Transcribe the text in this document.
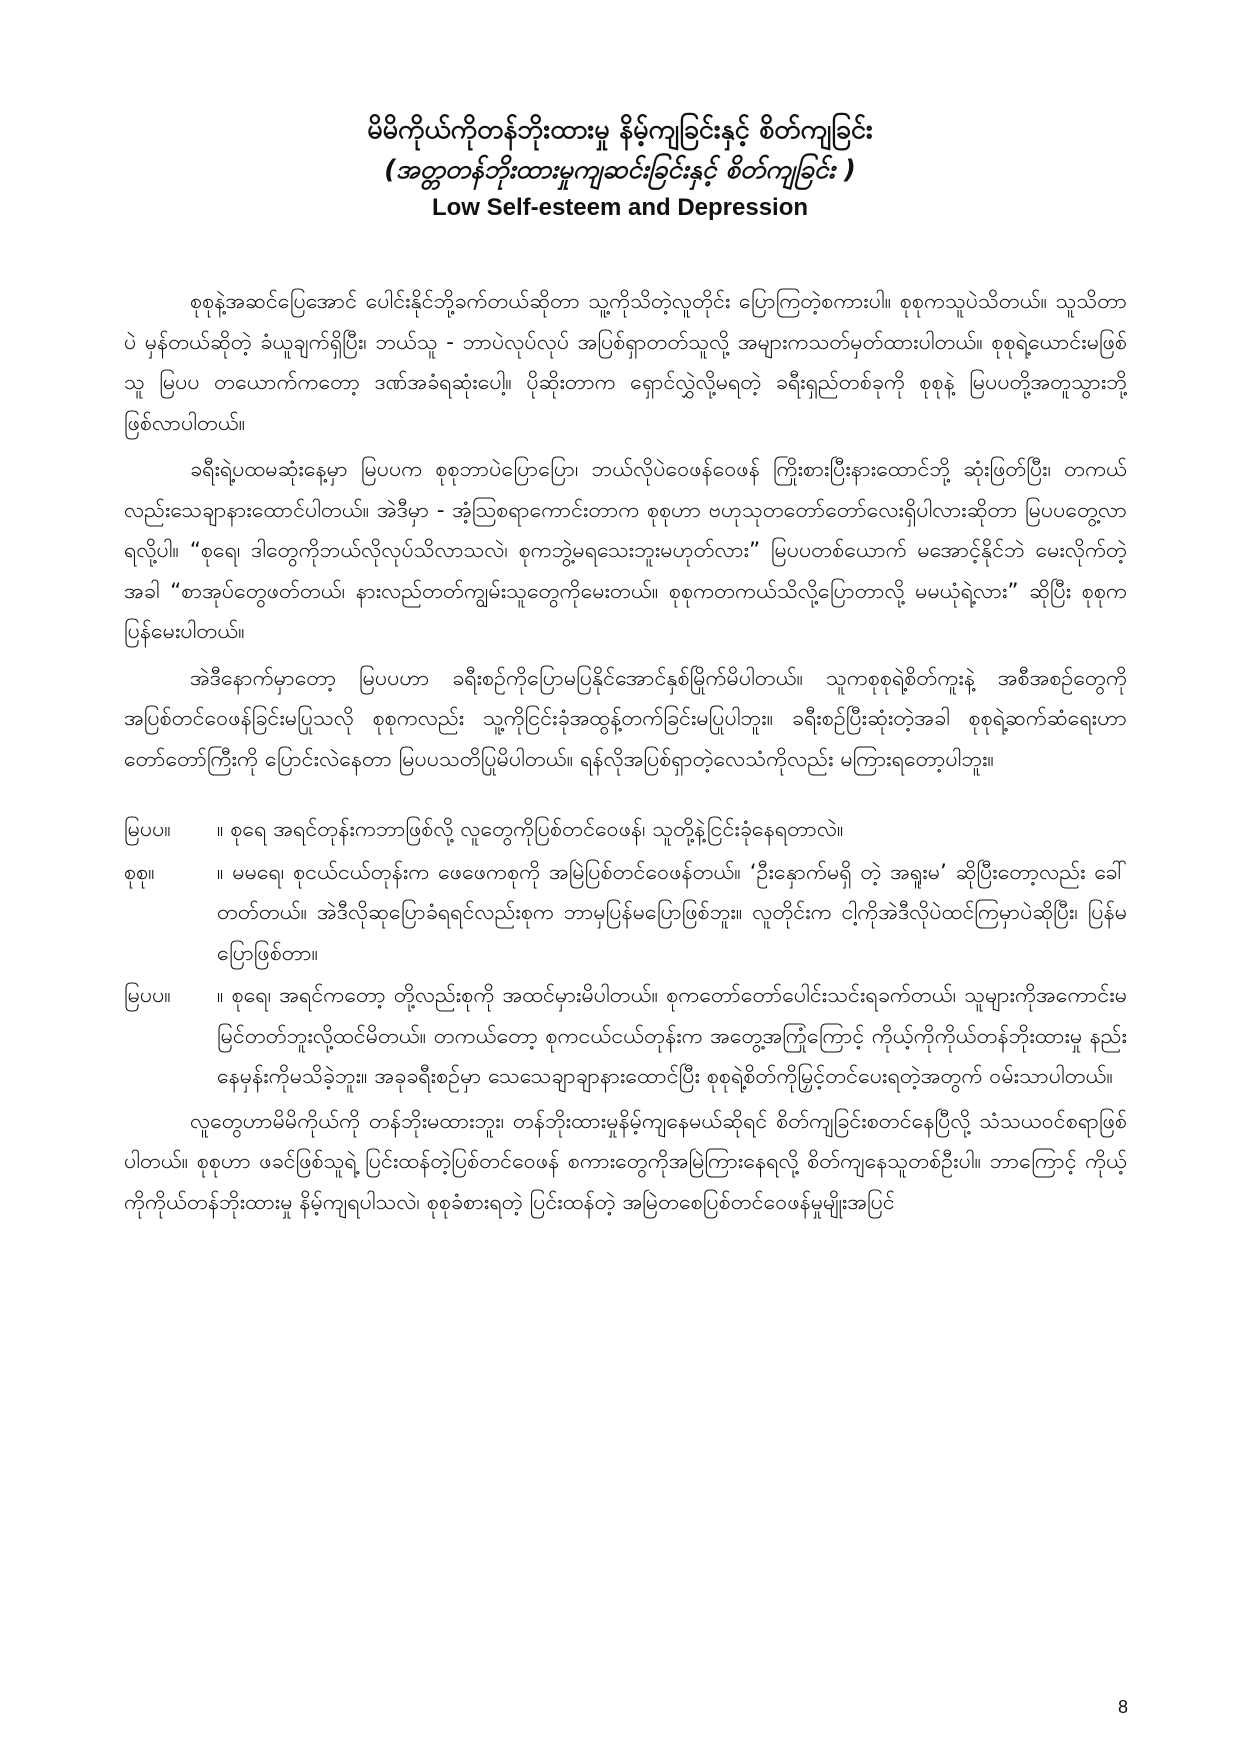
မိမိကိုယ်ကိုတန်ဘိုးထားမှု နိမ့်ကျခြင်းနှင့် စိတ်ကျခြင်း

(အတ္တတန်ဘိုးထားမှုကျဆင်းခြင်းနှင့် စိတ်ကျခြင်း )

Low Self-esteem and Depression

စုစုနဲ့အဆင်ပြေအောင် ပေါင်းနိုင်ဘို့ခက်တယ်ဆိုတာ သူ့ကိုသိတဲ့လူတိုင်း ပြောကြတဲ့စကားပါ။ စုစုကသူပဲသိတယ်။ သူသိတာပဲ မှန်တယ်ဆိုတဲ့ ခံယူချက်ရှိပြီး၊ ဘယ်သူ - ဘာပဲလုပ်လုပ် အပြစ်ရှာတတ်သူလို့ အများကသတ်မှတ်ထားပါတယ်။ စုစုရဲ့ယောင်းမဖြစ်သူ မြပပ တယောက်ကတော့ ဒဏ်အခံရဆုံးပေါ့။ ပိုဆိုးတာက ရှောင်လွှဲလို့မရတဲ့ ခရီးရှည်တစ်ခုကို စုစုနဲ့ မြပပတို့အတူသွားဘို့ ဖြစ်လာပါတယ်။

ခရီးရဲ့ပထမဆုံးနေ့မှာ မြပပက စုစုဘာပဲပြောပြော၊ ဘယ်လိုပဲဝေဖန်ဝေဖန် ကြိုးစားပြီးနားထောင်ဘို့ ဆုံးဖြတ်ပြီး၊ တကယ်လည်းသေချာနားထောင်ပါတယ်။ အဲဒီမှာ - အံ့သြစရာကောင်းတာက စုစုဟာ ဗဟုသုတတော်တော်လေးရှိပါလားဆိုတာ မြပပတွေ့လာရလို့ပါ။ “စုရေ၊ ဒါတွေကိုဘယ်လိုလုပ်သိလာသလဲ၊ စုကဘွဲ့မရသေးဘူးမဟုတ်လား” မြပပတစ်ယောက် မအောင့်နိုင်ဘဲ မေးလိုက်တဲ့အခါ “စာအုပ်တွေဖတ်တယ်၊ နားလည်တတ်ကျွမ်းသူတွေကိုမေးတယ်။ စုစုကတကယ်သိလို့ပြောတာလို့ မမယုံရဲ့လား” ဆိုပြီး စုစုကပြန်မေးပါတယ်။

အဲဒီနောက်မှာတော့ မြပပဟာ ခရီးစဉ်ကိုပြောမပြနိုင်အောင်နှစ်မြိုက်မိပါတယ်။ သူကစုစုရဲ့စိတ်ကူးနဲ့ အစီအစဉ်တွေကို အပြစ်တင်ဝေဖန်ခြင်းမပြုသလို စုစုကလည်း သူ့ကိုငြင်းခုံအထွန့်တက်ခြင်းမပြုပါဘူး။ ခရီးစဉ်ပြီးဆုံးတဲ့အခါ စုစုရဲ့ဆက်ဆံရေးဟာ တော်တော်ကြီးကို ပြောင်းလဲနေတာ မြပပသတိပြုမိပါတယ်။ ရန်လိုအပြစ်ရှာတဲ့လေသံကိုလည်း မကြားရတော့ပါဘူး။

မြပပ။	။ စုရေ အရင်တုန်းကဘာဖြစ်လို့ လူတွေကိုပြစ်တင်ဝေဖန်၊ သူတို့နဲ့ငြင်းခုံနေရတာလဲ။
စုစု။	။ မမရေ၊ စုငယ်ငယ်တုန်းက ဖေဖေကစုကို အမြဲပြစ်တင်ဝေဖန်တယ်။ ‘ဦးနှောက်မရှိ တဲ့ အရူးမ’ ဆိုပြီးတော့လည်း ခေါ်တတ်တယ်။ အဲဒီလိုဆုပြောခံရရင်လည်းစုက ဘာမှပြန်မပြောဖြစ်ဘူး။ လူတိုင်းက ငါ့ကိုအဲဒီလိုပဲထင်ကြမှာပဲဆိုပြီး၊ ပြန်မပြောဖြစ်တာ။
မြပပ။	။ စုရေ၊ အရင်ကတော့ တို့လည်းစုကို အထင်မှားမိပါတယ်။ စုကတော်တော်ပေါင်းသင်းရခက်တယ်၊ သူများကိုအကောင်းမမြင်တတ်ဘူးလို့ထင်မိတယ်။ တကယ်တော့ စုကငယ်ငယ်တုန်းက အတွေ့အကြုံကြောင့် ကိုယ့်ကိုကိုယ်တန်ဘိုးထားမှု နည်းနေမှန်းကိုမသိခဲ့ဘူး။ အခုခရီးစဉ်မှာ သေသေချာချာနားထောင်ပြီး စုစုရဲ့စိတ်ကိုမြှင့်တင်ပေးရတဲ့အတွက် ဝမ်းသာပါတယ်။

လူတွေဟာမိမိကိုယ်ကို တန်ဘိုးမထားဘူး၊ တန်ဘိုးထားမှုနိမ့်ကျနေမယ်ဆိုရင် စိတ်ကျခြင်းစတင်နေပြီလို့ သံသယဝင်စရာဖြစ်ပါတယ်။ စုစုဟာ ဖခင်ဖြစ်သူရဲ့ ပြင်းထန်တဲ့ပြစ်တင်ဝေဖန် စကားတွေကိုအမြဲကြားနေရလို့ စိတ်ကျနေသူတစ်ဦးပါ။ ဘာကြောင့် ကိုယ့်ကိုကိုယ်တန်ဘိုးထားမှု နိမ့်ကျရပါသလဲ၊ စုစုခံစားရတဲ့ ပြင်းထန်တဲ့ အမြဲတစေပြစ်တင်ဝေဖန်မှုမျိုးအပြင်

8
